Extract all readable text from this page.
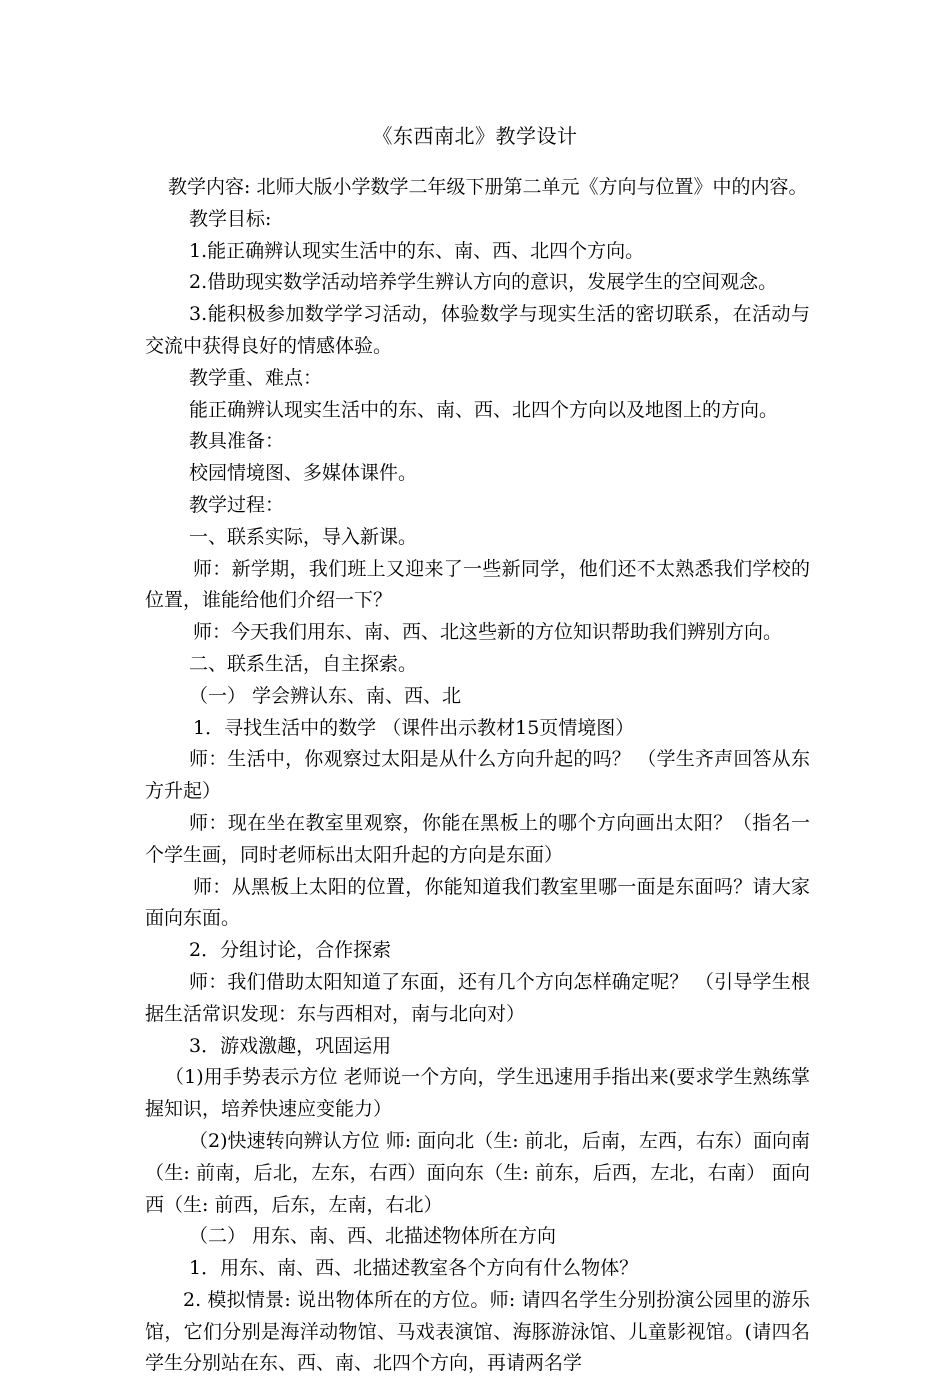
《东西南北》教学设计

教学内容: 北师大版小学数学二年级下册第二单元《方向与位置》中的内容。

教学目标:

1.能正确辨认现实生活中的东、南、西、北四个方向。

2.借助现实数学活动培养学生辨认方向的意识，发展学生的空间观念。

3.能积极参加数学学习活动，体验数学与现实生活的密切联系，在活动与交流中获得良好的情感体验。

教学重、难点：

能正确辨认现实生活中的东、南、西、北四个方向以及地图上的方向。

教具准备：

校园情境图、多媒体课件。

教学过程：

一、联系实际，导入新课。

师：新学期，我们班上又迎来了一些新同学，他们还不太熟悉我们学校的位置，谁能给他们介绍一下？

师：今天我们用东、南、西、北这些新的方位知识帮助我们辨别方向。

二、联系生活，自主探索。

（一） 学会辨认东、南、西、北

1．寻找生活中的数学 （课件出示教材15页情境图）

师：生活中，你观察过太阳是从什么方向升起的吗？ （学生齐声回答从东方升起）

师：现在坐在教室里观察，你能在黑板上的哪个方向画出太阳？（指名一个学生画，同时老师标出太阳升起的方向是东面）

师：从黑板上太阳的位置，你能知道我们教室里哪一面是东面吗？请大家面向东面。

2．分组讨论，合作探索

师：我们借助太阳知道了东面，还有几个方向怎样确定呢？ （引导学生根据生活常识发现：东与西相对，南与北向对）

3．游戏激趣，巩固运用

（1)用手势表示方位 老师说一个方向，学生迅速用手指出来(要求学生熟练掌握知识，培养快速应变能力）

（2)快速转向辨认方位 师: 面向北（生: 前北，后南，左西，右东）面向南（生: 前南，后北，左东，右西）面向东（生: 前东，后西，左北，右南） 面向西（生: 前西，后东，左南，右北）

（二） 用东、南、西、北描述物体所在方向

1．用东、南、西、北描述教室各个方向有什么物体？

2. 模拟情景: 说出物体所在的方位。师: 请四名学生分别扮演公园里的游乐馆，它们分别是海洋动物馆、马戏表演馆、海豚游泳馆、儿童影视馆。(请四名学生分别站在东、西、南、北四个方向，再请两名学
